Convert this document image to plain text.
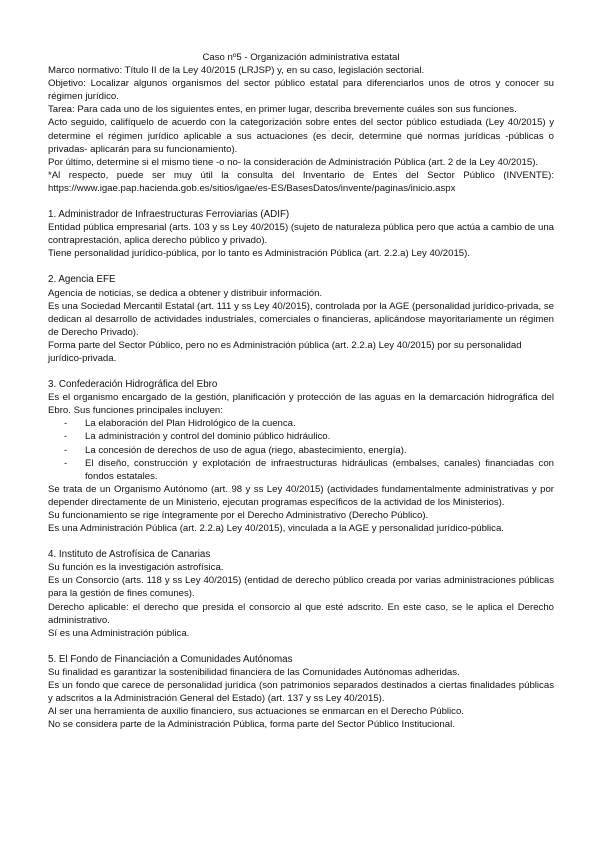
Caso nº5 - Organización administrativa estatal

Marco normativo: Título II de la Ley 40/2015 (LRJSP) y, en su caso, legislación sectorial.

Objetivo: Localizar algunos organismos del sector público estatal para diferenciarlos unos de otros y conocer su régimen jurídico.

Tarea: Para cada uno de los siguientes entes, en primer lugar, describa brevemente cuáles son sus funciones.

Acto seguido, califíquelo de acuerdo con la categorización sobre entes del sector público estudiada (Ley 40/2015) y determine el régimen jurídico aplicable a sus actuaciones (es decir, determine qué normas jurídicas -públicas o privadas- aplicarán para su funcionamiento).

Por último, determine si el mismo tiene -o no- la consideración de Administración Pública (art. 2 de la Ley 40/2015).

*Al respecto, puede ser muy útil la consulta del Inventario de Entes del Sector Público (INVENTE): https://www.igae.pap.hacienda.gob.es/sitios/igae/es-ES/BasesDatos/invente/paginas/inicio.aspx

1. Administrador de Infraestructuras Ferroviarias (ADIF)

Entidad pública empresarial (arts. 103 y ss Ley 40/2015) (sujeto de naturaleza pública pero que actúa a cambio de una contraprestación, aplica derecho público y privado).

Tiene personalidad jurídico-pública, por lo tanto es Administración Pública (art. 2.2.a) Ley 40/2015).

2. Agencia EFE

Agencia de noticias, se dedica a obtener y distribuir información.

Es una Sociedad Mercantil Estatal (art. 111 y ss Ley 40/2015), controlada por la AGE (personalidad jurídico-privada, se dedican al desarrollo de actividades industriales, comerciales o financieras, aplicándose mayoritariamente un régimen de Derecho Privado).

Forma parte del Sector Público, pero no es Administración pública (art. 2.2.a) Ley 40/2015) por su personalidad jurídico-privada.

3. Confederación Hidrográfica del Ebro

Es el organismo encargado de la gestión, planificación y protección de las aguas en la demarcación hidrográfica del Ebro. Sus funciones principales incluyen:

- La elaboración del Plan Hidrológico de la cuenca.
- La administración y control del dominio público hidráulico.
- La concesión de derechos de uso de agua (riego, abastecimiento, energía).
- El diseño, construcción y explotación de infraestructuras hidráulicas (embalses, canales) financiadas con fondos estatales.

Se trata de un Organismo Autónomo (art. 98 y ss Ley 40/2015) (actividades fundamentalmente administrativas y por depender directamente de un Ministerio, ejecutan programas específicos de la actividad de los Ministerios).

Su funcionamiento se rige íntegramente por el Derecho Administrativo (Derecho Público).

Es una Administración Pública (art. 2.2.a) Ley 40/2015), vinculada a la AGE y personalidad jurídico-pública.

4. Instituto de Astrofísica de Canarias

Su función es la investigación astrofísica.

Es un Consorcio (arts. 118 y ss Ley 40/2015) (entidad de derecho público creada por varias administraciones públicas para la gestión de fines comunes).

Derecho aplicable: el derecho que presida el consorcio al que esté adscrito. En este caso, se le aplica el Derecho administrativo.

Sí es una Administración pública.

5. El Fondo de Financiación a Comunidades Autónomas

Su finalidad es garantizar la sostenibilidad financiera de las Comunidades Autónomas adheridas.

Es un fondo que carece de personalidad jurídica (son patrimonios separados destinados a ciertas finalidades públicas y adscritos a la Administración General del Estado) (art. 137 y ss Ley 40/2015).

Al ser una herramienta de auxilio financiero, sus actuaciones se enmarcan en el Derecho Público.

No se considera parte de la Administración Pública, forma parte del Sector Público Institucional.
